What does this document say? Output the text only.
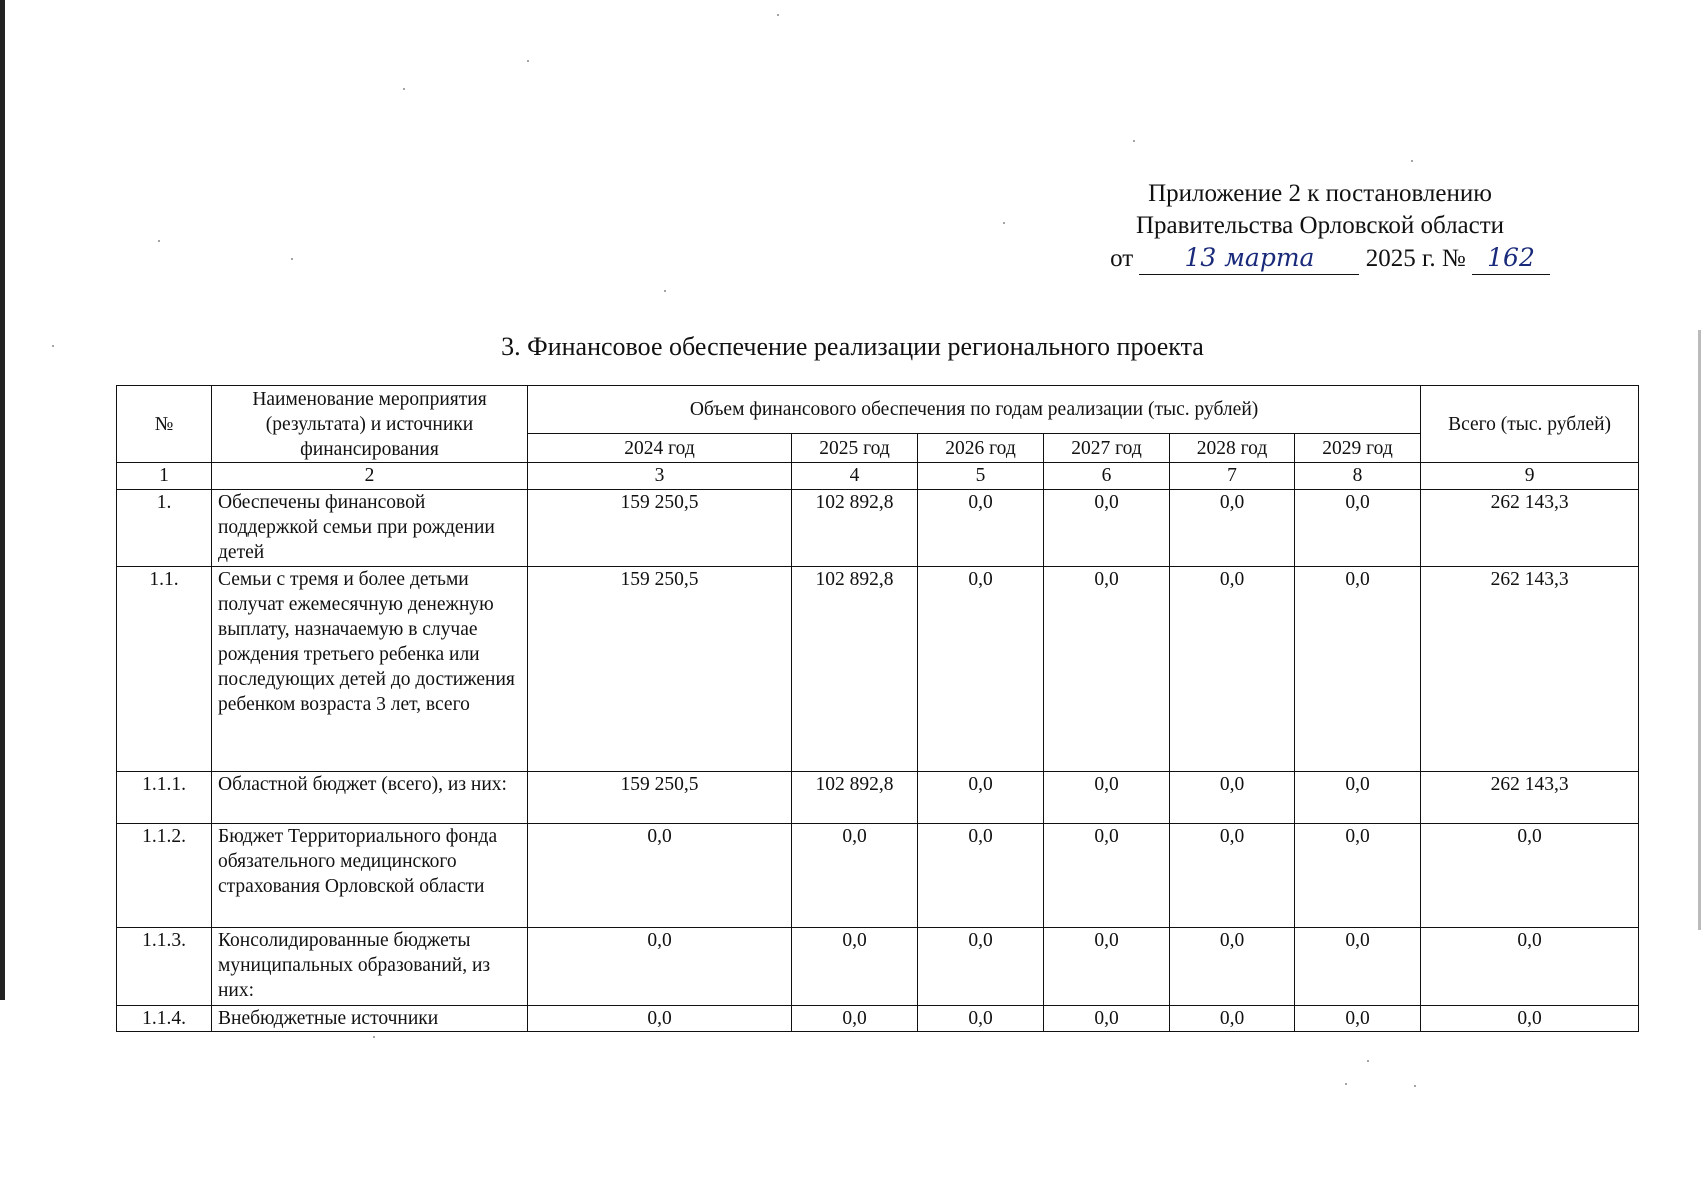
Приложение 2 к постановлению
Правительства Орловской области
от 13 марта 2025 г. № 162
3. Финансовое обеспечение реализации регионального проекта
№	Наименование мероприятия (результата) и источники финансирования	Объем финансового обеспечения по годам реализации (тыс. рублей)						Всего (тыс. рублей)
		2024 год	2025 год	2026 год	2027 год	2028 год	2029 год	
1	2	3	4	5	6	7	8	9
1.	Обеспечены финансовой поддержкой семьи при рождении детей	159 250,5	102 892,8	0,0	0,0	0,0	0,0	262 143,3
1.1.	Семьи с тремя и более детьми получат ежемесячную денежную выплату, назначаемую в случае рождения третьего ребенка или последующих детей до достижения ребенком возраста 3 лет, всего	159 250,5	102 892,8	0,0	0,0	0,0	0,0	262 143,3
1.1.1.	Областной бюджет (всего), из них:	159 250,5	102 892,8	0,0	0,0	0,0	0,0	262 143,3
1.1.2.	Бюджет Территориального фонда обязательного медицинского страхования Орловской области	0,0	0,0	0,0	0,0	0,0	0,0	0,0
1.1.3.	Консолидированные бюджеты муниципальных образований, из них:	0,0	0,0	0,0	0,0	0,0	0,0	0,0
1.1.4.	Внебюджетные источники	0,0	0,0	0,0	0,0	0,0	0,0	0,0
